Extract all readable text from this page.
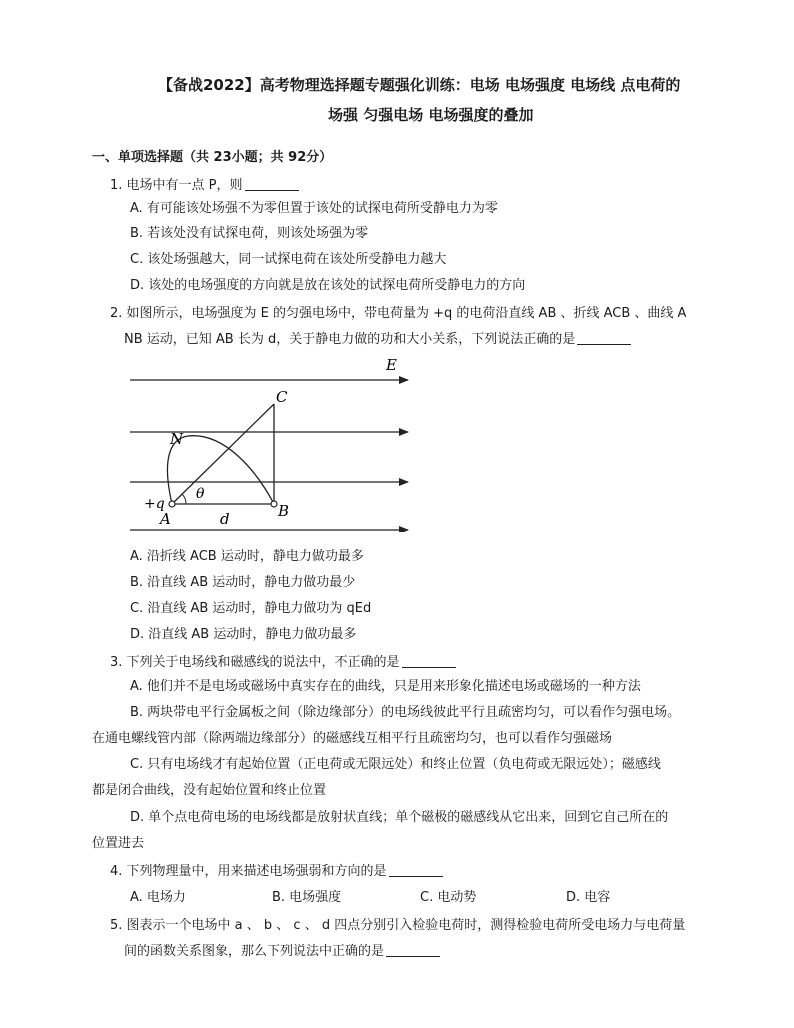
【备战2022】高考物理选择题专题强化训练：电场 电场强度 电场线 点电荷的
场强 匀强电场 电场强度的叠加
一、单项选择题（共 23小题；共 92分）
1. 电场中有一点 P，则
A. 有可能该处场强不为零但置于该处的试探电荷所受静电力为零
B. 若该处没有试探电荷，则该处场强为零
C. 该处场强越大，同一试探电荷在该处所受静电力越大
D. 该处的电场强度的方向就是放在该处的试探电荷所受静电力的方向
2. 如图所示，电场强度为 E 的匀强电场中，带电荷量为 +q 的电荷沿直线 AB 、折线 ACB 、曲线 A
NB 运动，已知 AB 长为 d，关于静电力做的功和大小关系，下列说法正确的是
E
C
N
+q
A
θ
d	B
A. 沿折线 ACB 运动时，静电力做功最多
B. 沿直线 AB 运动时，静电力做功最少
C. 沿直线 AB 运动时，静电力做功为 qEd
D. 沿直线 AB 运动时，静电力做功最多
3. 下列关于电场线和磁感线的说法中，不正确的是
A. 他们并不是电场或磁场中真实存在的曲线，只是用来形象化描述电场或磁场的一种方法
B. 两块带电平行金属板之间（除边缘部分）的电场线彼此平行且疏密均匀，可以看作匀强电场。
在通电螺线管内部（除两端边缘部分）的磁感线互相平行且疏密均匀，也可以看作匀强磁场
C. 只有电场线才有起始位置（正电荷或无限远处）和终止位置（负电荷或无限远处）；磁感线
都是闭合曲线，没有起始位置和终止位置
D. 单个点电荷电场的电场线都是放射状直线；单个磁极的磁感线从它出来，回到它自己所在的
位置进去
4. 下列物理量中，用来描述电场强弱和方向的是
A. 电场力	B. 电场强度	C. 电动势	D. 电容
5. 图表示一个电场中 a 、 b 、 c 、 d 四点分别引入检验电荷时，测得检验电荷所受电场力与电荷量
间的函数关系图象，那么下列说法中正确的是
